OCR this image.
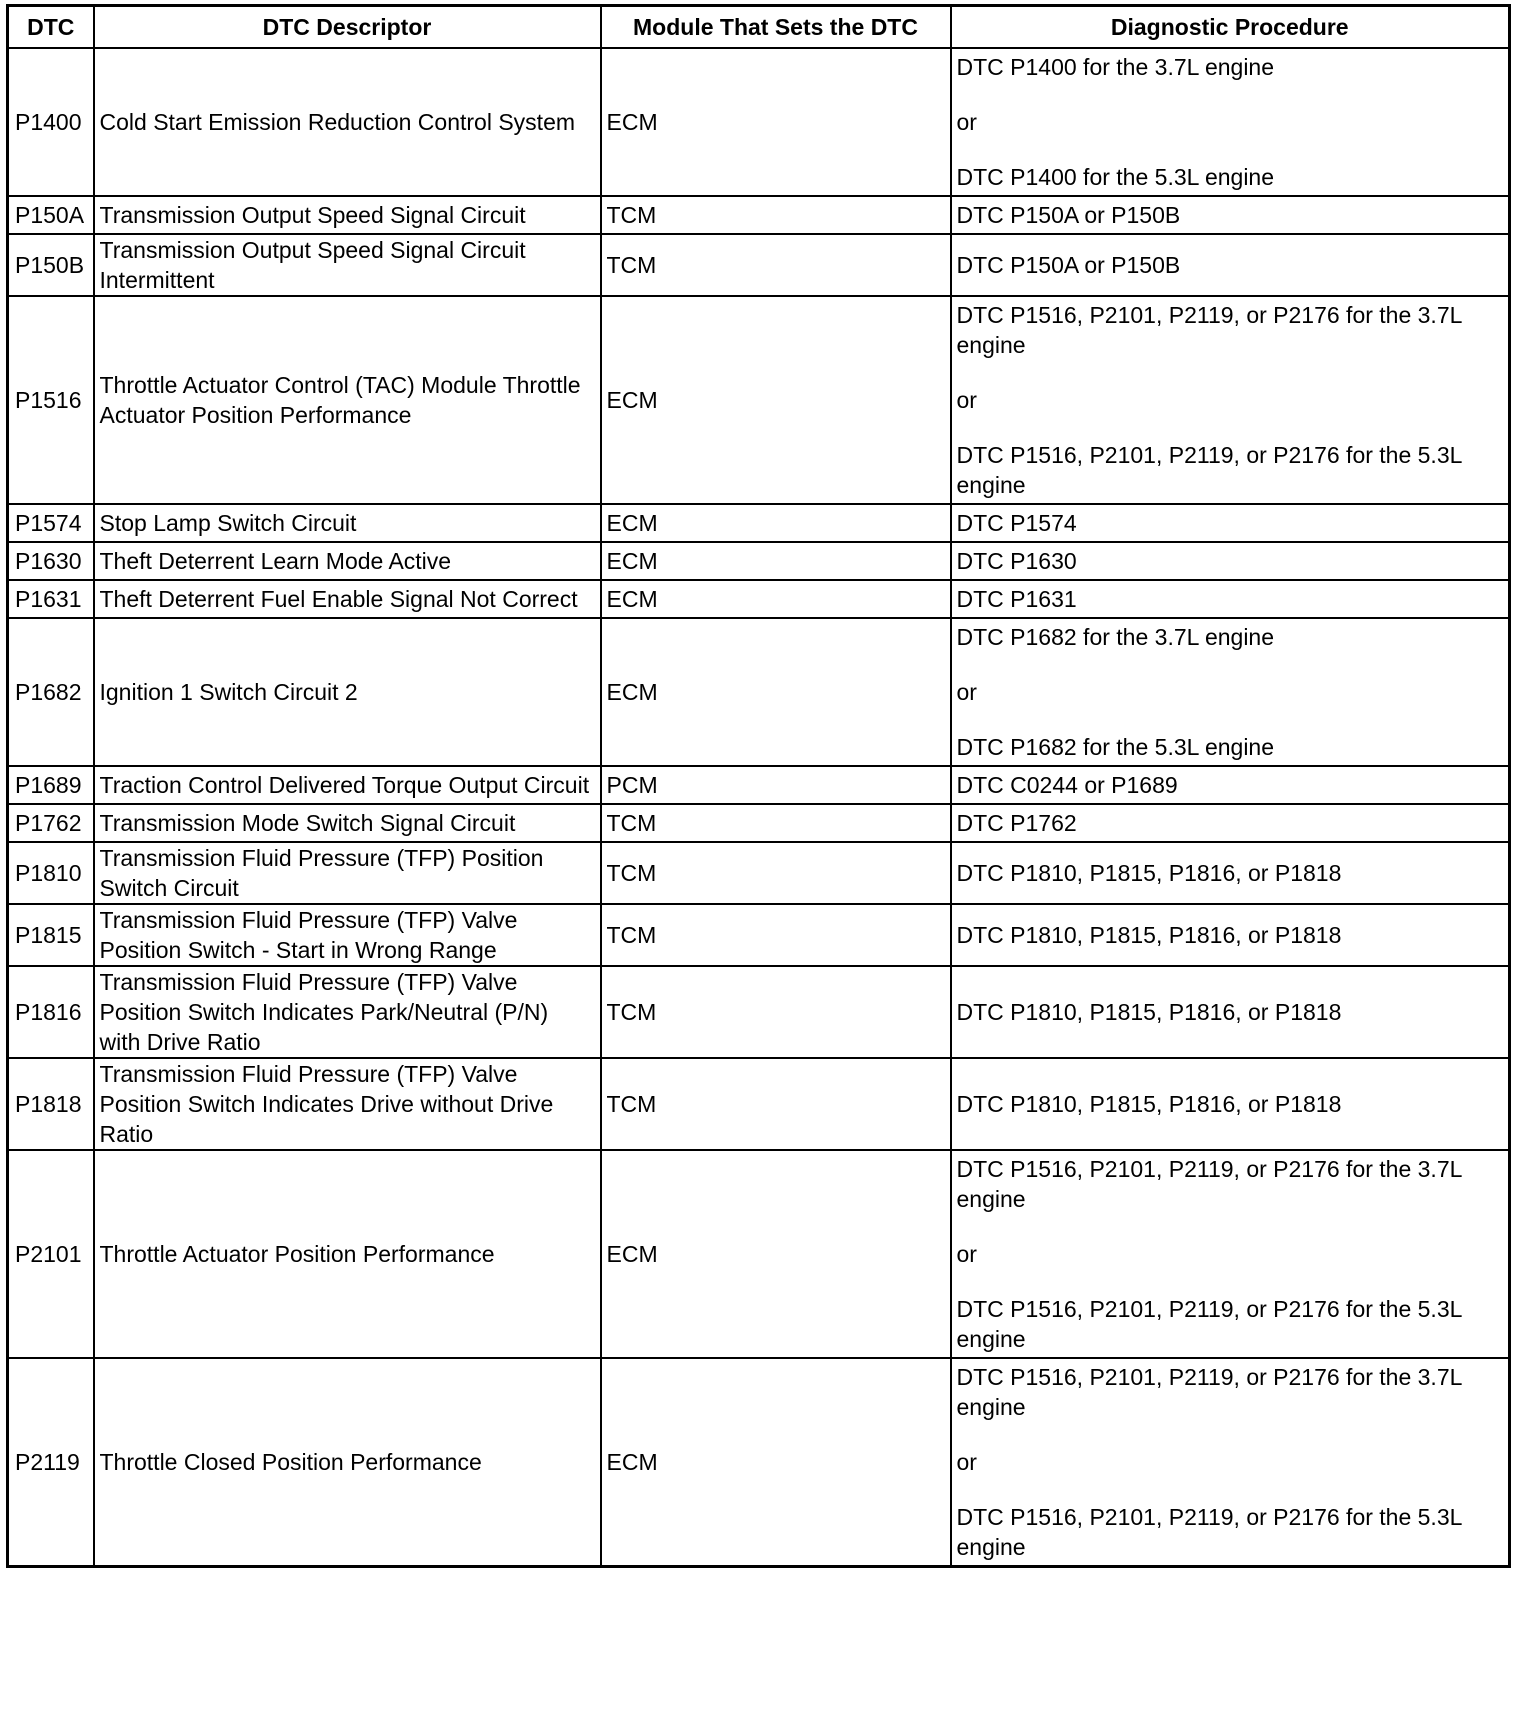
DTC	DTC Descriptor	Module That Sets the DTC	Diagnostic Procedure
P1400	Cold Start Emission Reduction Control System	ECM	DTC P1400 for the 3.7L engine

or

DTC P1400 for the 5.3L engine

P150A	Transmission Output Speed Signal Circuit	TCM	DTC P150A or P150B

P150B	Transmission Output Speed Signal Circuit Intermittent	TCM	DTC P150A or P150B

P1516	Throttle Actuator Control (TAC) Module Throttle Actuator Position Performance	ECM	DTC P1516, P2101, P2119, or P2176 for the 3.7L engine

or

DTC P1516, P2101, P2119, or P2176 for the 5.3L engine

P1574	Stop Lamp Switch Circuit	ECM	DTC P1574

P1630	Theft Deterrent Learn Mode Active	ECM	DTC P1630

P1631	Theft Deterrent Fuel Enable Signal Not Correct	ECM	DTC P1631

P1682	Ignition 1 Switch Circuit 2	ECM	DTC P1682 for the 3.7L engine

or

DTC P1682 for the 5.3L engine

P1689	Traction Control Delivered Torque Output Circuit	PCM	DTC C0244 or P1689

P1762	Transmission Mode Switch Signal Circuit	TCM	DTC P1762

P1810	Transmission Fluid Pressure (TFP) Position Switch Circuit	TCM	DTC P1810, P1815, P1816, or P1818

P1815	Transmission Fluid Pressure (TFP) Valve Position Switch - Start in Wrong Range	TCM	DTC P1810, P1815, P1816, or P1818

P1816	Transmission Fluid Pressure (TFP) Valve Position Switch Indicates Park/Neutral (P/N) with Drive Ratio	TCM	DTC P1810, P1815, P1816, or P1818

P1818	Transmission Fluid Pressure (TFP) Valve Position Switch Indicates Drive without Drive Ratio	TCM	DTC P1810, P1815, P1816, or P1818

P2101	Throttle Actuator Position Performance	ECM	DTC P1516, P2101, P2119, or P2176 for the 3.7L engine

or

DTC P1516, P2101, P2119, or P2176 for the 5.3L engine

P2119	Throttle Closed Position Performance	ECM	DTC P1516, P2101, P2119, or P2176 for the 3.7L engine

or

DTC P1516, P2101, P2119, or P2176 for the 5.3L engine
